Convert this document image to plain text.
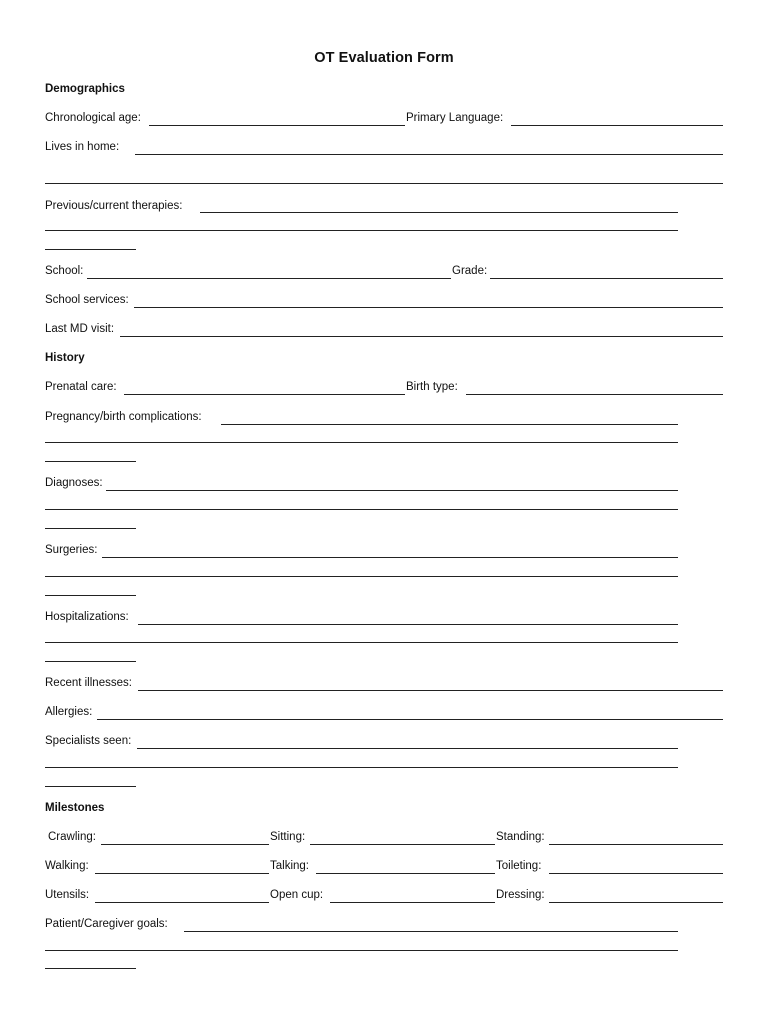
OT Evaluation Form
Demographics
Chronological age:	Primary Language:
Lives in home:
Previous/current therapies:
School:	Grade:
School services:
Last MD visit:
History
Prenatal care:	Birth type:
Pregnancy/birth complications:
Diagnoses:
Surgeries:
Hospitalizations:
Recent illnesses:
Allergies:
Specialists seen:
Milestones
Crawling:	Sitting:	Standing:
Walking:	Talking:	Toileting:
Utensils:	Open cup:	Dressing:
Patient/Caregiver goals:
